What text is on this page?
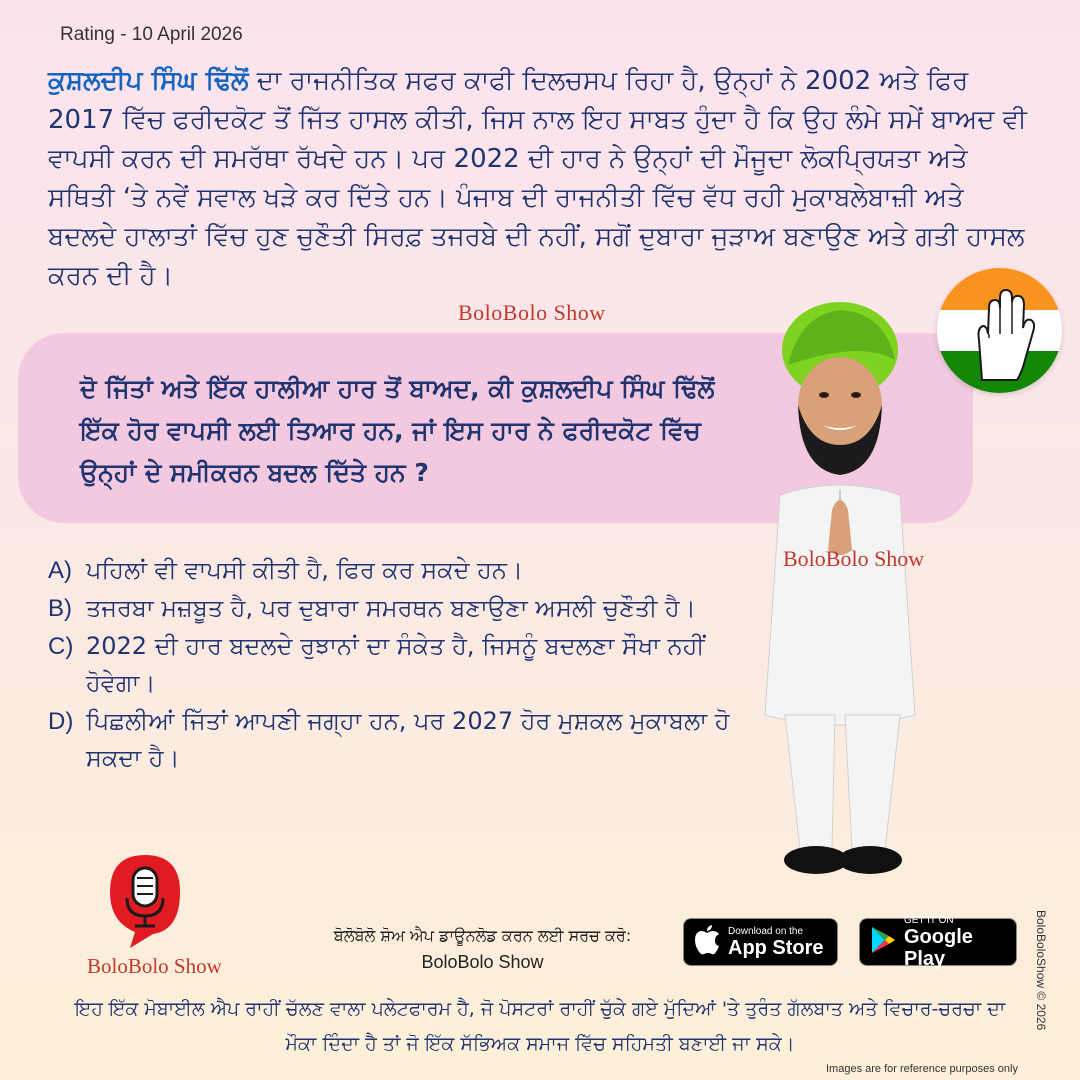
Rating - 10 April 2026
ਕੁਸ਼ਲਦੀਪ ਸਿੰਘ ਢਿੱਲੋਂ ਦਾ ਰਾਜਨੀਤਿਕ ਸਫਰ ਕਾਫੀ ਦਿਲਚਸਪ ਰਿਹਾ ਹੈ, ਉਨ੍ਹਾਂ ਨੇ 2002 ਅਤੇ ਫਿਰ 2017 ਵਿੱਚ ਫਰੀਦਕੋਟ ਤੋਂ ਜਿੱਤ ਹਾਸਲ ਕੀਤੀ, ਜਿਸ ਨਾਲ ਇਹ ਸਾਬਤ ਹੁੰਦਾ ਹੈ ਕਿ ਉਹ ਲੰਮੇ ਸਮੇਂ ਬਾਅਦ ਵੀ ਵਾਪਸੀ ਕਰਨ ਦੀ ਸਮਰੱਥਾ ਰੱਖਦੇ ਹਨ। ਪਰ 2022 ਦੀ ਹਾਰ ਨੇ ਉਨ੍ਹਾਂ ਦੀ ਮੌਜੂਦਾ ਲੋਕਪ੍ਰਿਯਤਾ ਅਤੇ ਸਥਿਤੀ ‘ਤੇ ਨਵੇਂ ਸਵਾਲ ਖੜੇ ਕਰ ਦਿੱਤੇ ਹਨ। ਪੰਜਾਬ ਦੀ ਰਾਜਨੀਤੀ ਵਿੱਚ ਵੱਧ ਰਹੀ ਮੁਕਾਬਲੇਬਾਜ਼ੀ ਅਤੇ ਬਦਲਦੇ ਹਾਲਾਤਾਂ ਵਿੱਚ ਹੁਣ ਚੁਣੌਤੀ ਸਿਰਫ਼ ਤਜਰਬੇ ਦੀ ਨਹੀਂ, ਸਗੋਂ ਦੁਬਾਰਾ ਜੁੜਾਅ ਬਣਾਉਣ ਅਤੇ ਗਤੀ ਹਾਸਲ ਕਰਨ ਦੀ ਹੈ।
BoloBolo Show
ਦੋ ਜਿੱਤਾਂ ਅਤੇ ਇੱਕ ਹਾਲੀਆ ਹਾਰ ਤੋਂ ਬਾਅਦ, ਕੀ ਕੁਸ਼ਲਦੀਪ ਸਿੰਘ ਢਿੱਲੋਂ ਇੱਕ ਹੋਰ ਵਾਪਸੀ ਲਈ ਤਿਆਰ ਹਨ, ਜਾਂ ਇਸ ਹਾਰ ਨੇ ਫਰੀਦਕੋਟ ਵਿੱਚ ਉਨ੍ਹਾਂ ਦੇ ਸਮੀਕਰਨ ਬਦਲ ਦਿੱਤੇ ਹਨ ?
A) ਪਹਿਲਾਂ ਵੀ ਵਾਪਸੀ ਕੀਤੀ ਹੈ, ਫਿਰ ਕਰ ਸਕਦੇ ਹਨ।
B) ਤਜਰਬਾ ਮਜ਼ਬੂਤ ਹੈ, ਪਰ ਦੁਬਾਰਾ ਸਮਰਥਨ ਬਣਾਉਣਾ ਅਸਲੀ ਚੁਣੌਤੀ ਹੈ।
C) 2022 ਦੀ ਹਾਰ ਬਦਲਦੇ ਰੁਝਾਨਾਂ ਦਾ ਸੰਕੇਤ ਹੈ, ਜਿਸਨੂੰ ਬਦਲਣਾ ਸੌਖਾ ਨਹੀਂ ਹੋਵੇਗਾ।
D) ਪਿਛਲੀਆਂ ਜਿੱਤਾਂ ਆਪਣੀ ਜਗ੍ਹਾ ਹਨ, ਪਰ 2027 ਹੋਰ ਮੁਸ਼ਕਲ ਮੁਕਾਬਲਾ ਹੋ ਸਕਦਾ ਹੈ।
BoloBolo Show
BoloBolo Show
ਬੋਲੋਬੋਲੋ ਸ਼ੋਅ ਐਪ ਡਾਊਨਲੋਡ ਕਰਨ ਲਈ ਸਰਚ ਕਰੋ:
BoloBolo Show
Download on the
App Store
GET IT ON
Google Play
ਇਹ ਇੱਕ ਮੋਬਾਈਲ ਐਪ ਰਾਹੀਂ ਚੱਲਣ ਵਾਲਾ ਪਲੇਟਫਾਰਮ ਹੈ, ਜੋ ਪੋਸਟਰਾਂ ਰਾਹੀਂ ਚੁੱਕੇ ਗਏ ਮੁੱਦਿਆਂ 'ਤੇ ਤੁਰੰਤ ਗੱਲਬਾਤ ਅਤੇ ਵਿਚਾਰ-ਚਰਚਾ ਦਾ ਮੌਕਾ ਦਿੰਦਾ ਹੈ ਤਾਂ ਜੋ ਇੱਕ ਸੱਭਿਅਕ ਸਮਾਜ ਵਿੱਚ ਸਹਿਮਤੀ ਬਣਾਈ ਜਾ ਸਕੇ।
BoloBoloShow © 2026
Images are for reference purposes only
